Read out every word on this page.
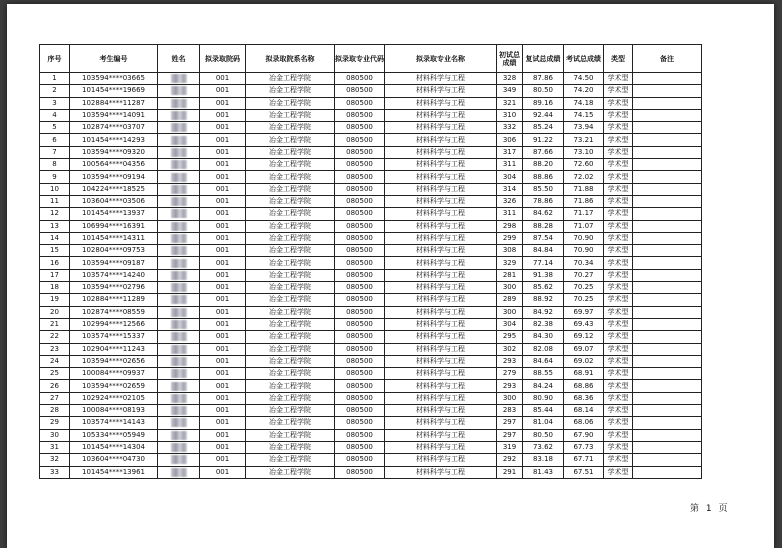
序号	考生编号	姓名	拟录取院码	拟录取院系名称	拟录取专业代码	拟录取专业名称	初试总成绩	复试总成绩	考试总成绩	类型	备注
1	103594****03665		001	冶金工程学院	080500	材料科学与工程	328	87.86	74.50	学术型	
2	101454****19669		001	冶金工程学院	080500	材料科学与工程	349	80.50	74.20	学术型	
3	102884****11287		001	冶金工程学院	080500	材料科学与工程	321	89.16	74.18	学术型	
4	103594****14091		001	冶金工程学院	080500	材料科学与工程	310	92.44	74.15	学术型	
5	102874****03707		001	冶金工程学院	080500	材料科学与工程	332	85.24	73.94	学术型	
6	101454****14293		001	冶金工程学院	080500	材料科学与工程	306	91.22	73.21	学术型	
7	103594****09320		001	冶金工程学院	080500	材料科学与工程	317	87.66	73.10	学术型	
8	100564****04356		001	冶金工程学院	080500	材料科学与工程	311	88.20	72.60	学术型	
9	103594****09194		001	冶金工程学院	080500	材料科学与工程	304	88.86	72.02	学术型	
10	104224****18525		001	冶金工程学院	080500	材料科学与工程	314	85.50	71.88	学术型	
11	103604****03506		001	冶金工程学院	080500	材料科学与工程	326	78.86	71.86	学术型	
12	101454****13937		001	冶金工程学院	080500	材料科学与工程	311	84.62	71.17	学术型	
13	106994****16391		001	冶金工程学院	080500	材料科学与工程	298	88.28	71.07	学术型	
14	101454****14311		001	冶金工程学院	080500	材料科学与工程	299	87.54	70.90	学术型	
15	102804****09753		001	冶金工程学院	080500	材料科学与工程	308	84.84	70.90	学术型	
16	103594****09187		001	冶金工程学院	080500	材料科学与工程	329	77.14	70.34	学术型	
17	103574****14240		001	冶金工程学院	080500	材料科学与工程	281	91.38	70.27	学术型	
18	103594****02796		001	冶金工程学院	080500	材料科学与工程	300	85.62	70.25	学术型	
19	102884****11289		001	冶金工程学院	080500	材料科学与工程	289	88.92	70.25	学术型	
20	102874****08559		001	冶金工程学院	080500	材料科学与工程	300	84.92	69.97	学术型	
21	102994****12566		001	冶金工程学院	080500	材料科学与工程	304	82.38	69.43	学术型	
22	103574****15337		001	冶金工程学院	080500	材料科学与工程	295	84.30	69.12	学术型	
23	102904****11243		001	冶金工程学院	080500	材料科学与工程	302	82.08	69.07	学术型	
24	103594****02656		001	冶金工程学院	080500	材料科学与工程	293	84.64	69.02	学术型	
25	100084****09937		001	冶金工程学院	080500	材料科学与工程	279	88.55	68.91	学术型	
26	103594****02659		001	冶金工程学院	080500	材料科学与工程	293	84.24	68.86	学术型	
27	102924****02105		001	冶金工程学院	080500	材料科学与工程	300	80.90	68.36	学术型	
28	100084****08193		001	冶金工程学院	080500	材料科学与工程	283	85.44	68.14	学术型	
29	103574****14143		001	冶金工程学院	080500	材料科学与工程	297	81.04	68.06	学术型	
30	105334****05949		001	冶金工程学院	080500	材料科学与工程	297	80.50	67.90	学术型	
31	101454****14304		001	冶金工程学院	080500	材料科学与工程	319	73.62	67.73	学术型	
32	103604****04730		001	冶金工程学院	080500	材料科学与工程	292	83.18	67.71	学术型	
33	101454****13961		001	冶金工程学院	080500	材料科学与工程	291	81.43	67.51	学术型	
第 1 页
